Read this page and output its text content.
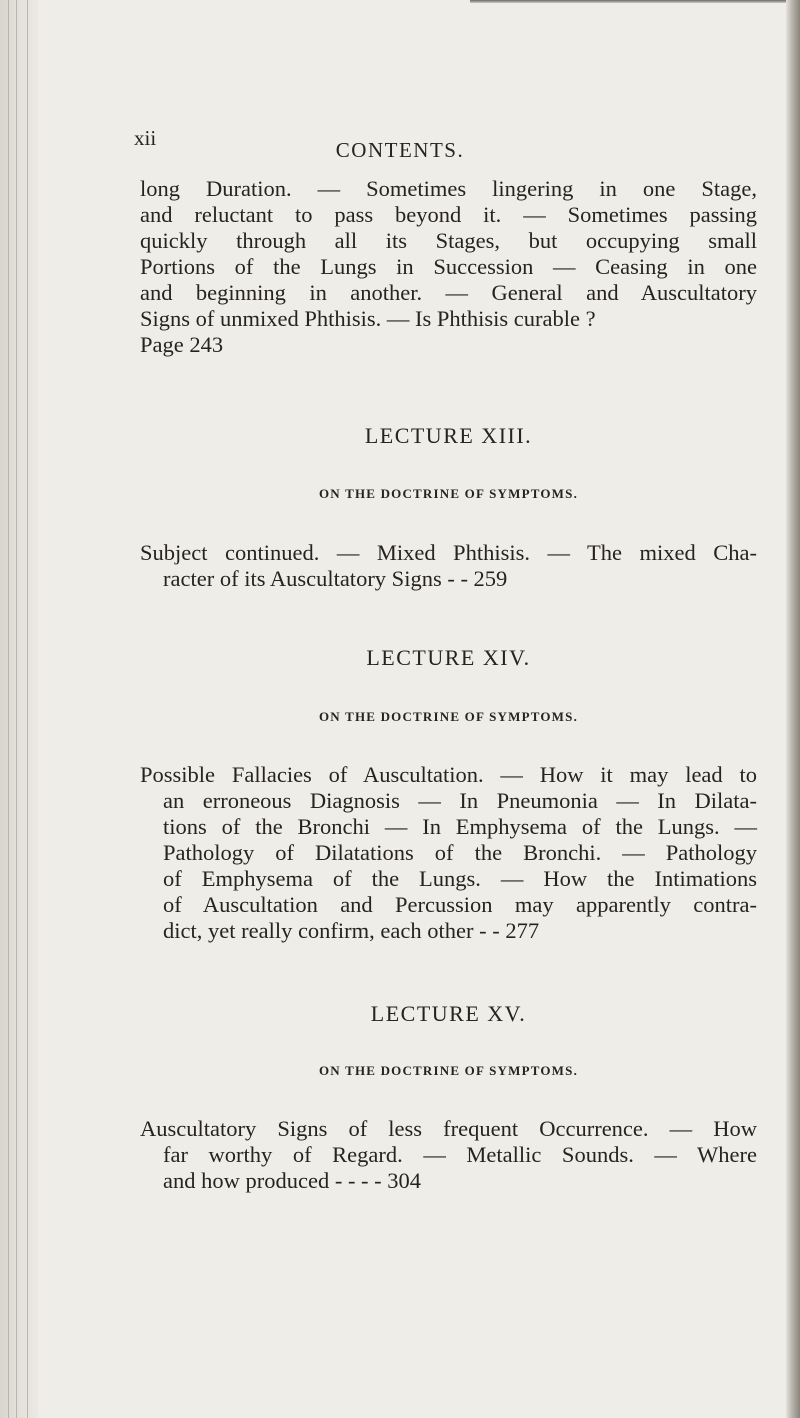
xii	CONTENTS.
long Duration. — Sometimes lingering in one Stage,
and reluctant to pass beyond it. — Sometimes passing
quickly through all its Stages, but occupying small
Portions of the Lungs in Succession — Ceasing in one
and beginning in another. — General and Auscultatory
Signs of unmixed Phthisis. — Is Phthisis curable ?
Page 243
LECTURE XIII.
ON THE DOCTRINE OF SYMPTOMS.
Subject continued. — Mixed Phthisis. — The mixed Cha-
racter of its Auscultatory Signs - - 259
LECTURE XIV.
ON THE DOCTRINE OF SYMPTOMS.
Possible Fallacies of Auscultation. — How it may lead to
an erroneous Diagnosis — In Pneumonia — In Dilata-
tions of the Bronchi — In Emphysema of the Lungs. —
Pathology of Dilatations of the Bronchi. — Pathology
of Emphysema of the Lungs. — How the Intimations
of Auscultation and Percussion may apparently contra-
dict, yet really confirm, each other - - 277
LECTURE XV.
ON THE DOCTRINE OF SYMPTOMS.
Auscultatory Signs of less frequent Occurrence. — How
far worthy of Regard. — Metallic Sounds. — Where
and how produced - - - - 304
